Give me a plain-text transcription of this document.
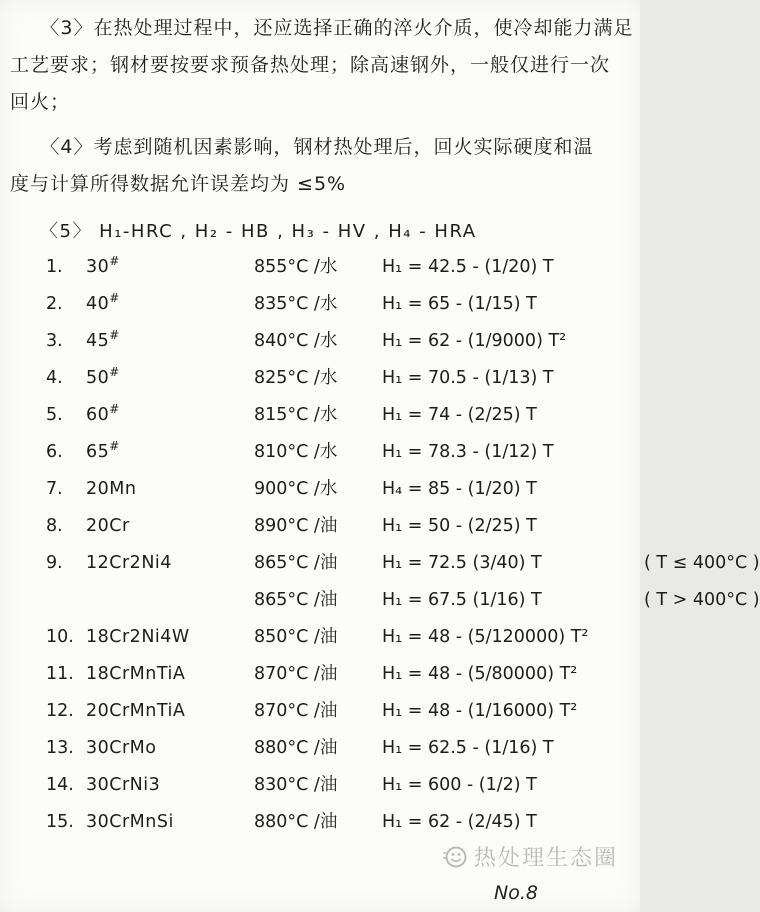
〈3〉在热处理过程中，还应选择正确的淬火介质，使冷却能力满足
工艺要求；钢材要按要求预备热处理；除高速钢外，一般仅进行一次
回火；
〈4〉考虑到随机因素影响，钢材热处理后，回火实际硬度和温
度与计算所得数据允许误差均为 ≤5%
〈5〉 H₁-HRC , H₂ - HB , H₃ - HV , H₄ - HRA
1.	30#	855°C /水	H₁ = 42.5 - (1/20) T
2.	40#	835°C /水	H₁ = 65 - (1/15) T
3.	45#	840°C /水	H₁ = 62 - (1/9000) T²
4.	50#	825°C /水	H₁ = 70.5 - (1/13) T
5.	60#	815°C /水	H₁ = 74 - (2/25) T
6.	65#	810°C /水	H₁ = 78.3 - (1/12) T
7.	20Mn	900°C /水	H₄ = 85 - (1/20) T
8.	20Cr	890°C /油	H₁ = 50 - (2/25) T
9.	12Cr2Ni4	865°C /油	H₁ = 72.5 (3/40) T	( T ≤ 400°C )
865°C /油	H₁ = 67.5 (1/16) T	( T > 400°C )
10. 18Cr2Ni4W	850°C /油	H₁ = 48 - (5/120000) T²
11. 18CrMnTiA	870°C /油	H₁ = 48 - (5/80000) T²
12. 20CrMnTiA	870°C /油	H₁ = 48 - (1/16000) T²
13. 30CrMo	880°C /油	H₁ = 62.5 - (1/16) T
14. 30CrNi3	830°C /油	H₁ = 600 - (1/2) T
15. 30CrMnSi	880°C /油	H₁ = 62 - (2/45) T
热处理生态圈
No.8
